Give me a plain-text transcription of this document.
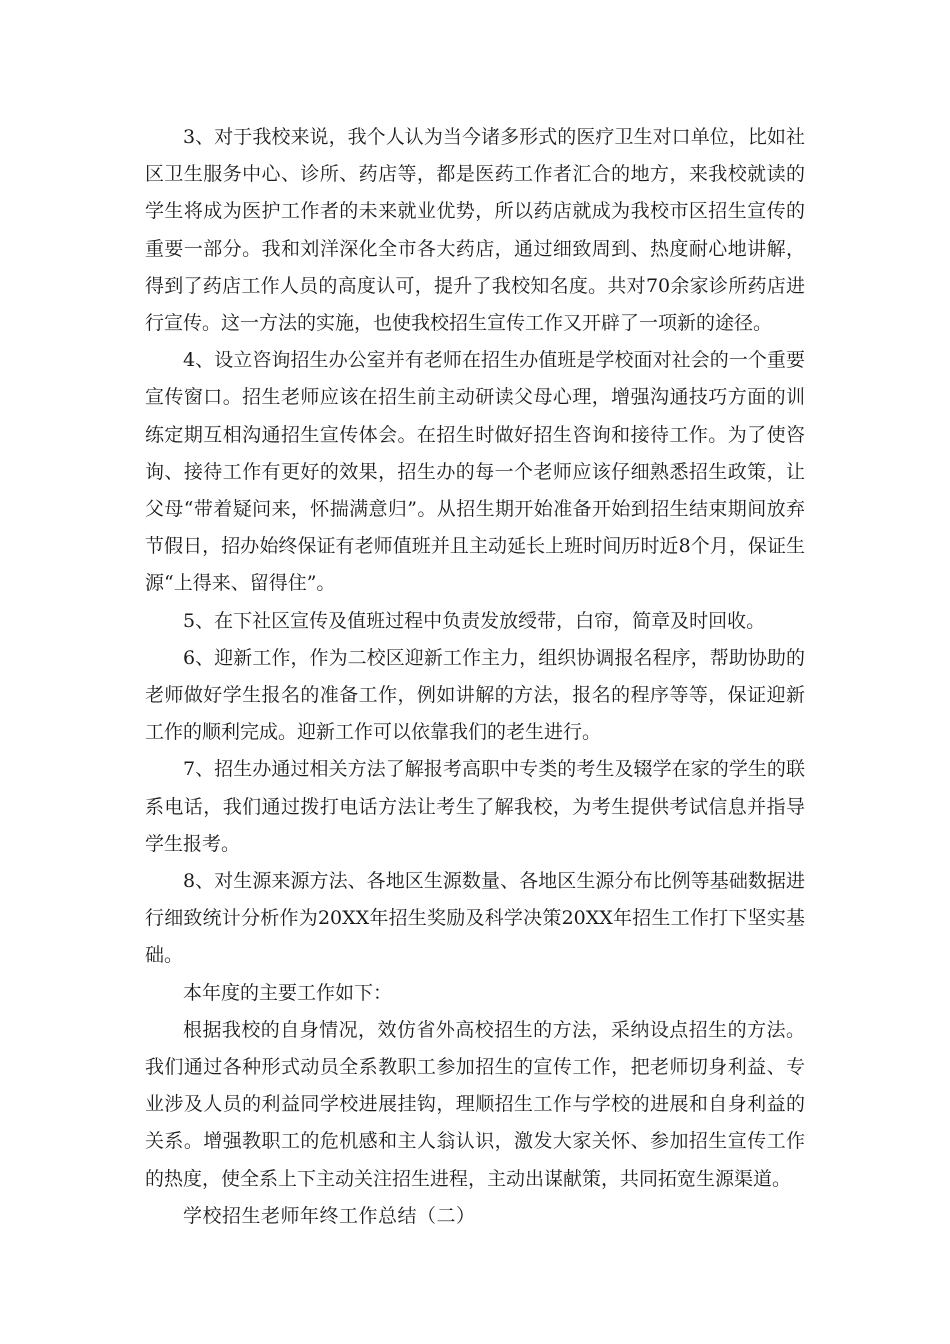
3、对于我校来说，我个人认为当今诸多形式的医疗卫生对口单位，比如社区卫生服务中心、诊所、药店等，都是医药工作者汇合的地方，来我校就读的学生将成为医护工作者的未来就业优势，所以药店就成为我校市区招生宣传的重要一部分。我和刘洋深化全市各大药店，通过细致周到、热度耐心地讲解，得到了药店工作人员的高度认可，提升了我校知名度。共对70余家诊所药店进行宣传。这一方法的实施，也使我校招生宣传工作又开辟了一项新的途径。

4、设立咨询招生办公室并有老师在招生办值班是学校面对社会的一个重要宣传窗口。招生老师应该在招生前主动研读父母心理，增强沟通技巧方面的训练定期互相沟通招生宣传体会。在招生时做好招生咨询和接待工作。为了使咨询、接待工作有更好的效果，招生办的每一个老师应该仔细熟悉招生政策，让父母“带着疑问来，怀揣满意归”。从招生期开始准备开始到招生结束期间放弃节假日，招办始终保证有老师值班并且主动延长上班时间历时近8个月，保证生源“上得来、留得住”。

5、在下社区宣传及值班过程中负责发放绶带，白帘，简章及时回收。

6、迎新工作，作为二校区迎新工作主力，组织协调报名程序，帮助协助的老师做好学生报名的准备工作，例如讲解的方法，报名的程序等等，保证迎新工作的顺利完成。迎新工作可以依靠我们的老生进行。

7、招生办通过相关方法了解报考高职中专类的考生及辍学在家的学生的联系电话，我们通过拨打电话方法让考生了解我校，为考生提供考试信息并指导学生报考。

8、对生源来源方法、各地区生源数量、各地区生源分布比例等基础数据进行细致统计分析作为20XX年招生奖励及科学决策20XX年招生工作打下坚实基础。

本年度的主要工作如下：

根据我校的自身情况，效仿省外高校招生的方法，采纳设点招生的方法。我们通过各种形式动员全系教职工参加招生的宣传工作，把老师切身利益、专业涉及人员的利益同学校进展挂钩，理顺招生工作与学校的进展和自身利益的关系。增强教职工的危机感和主人翁认识，激发大家关怀、参加招生宣传工作的热度，使全系上下主动关注招生进程，主动出谋献策，共同拓宽生源渠道。

学校招生老师年终工作总结（二）
